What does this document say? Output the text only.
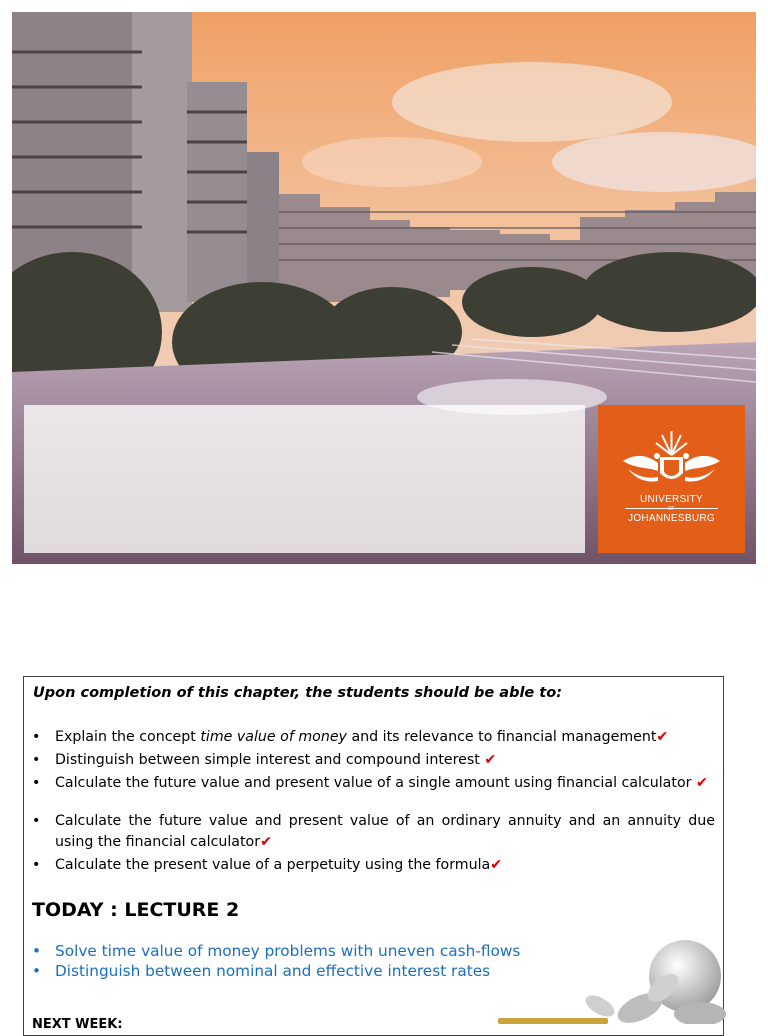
UNIVERSITY
OF
JOHANNESBURG
Upon completion of this chapter, the students should be able to:
• Explain the concept time value of money and its relevance to financial management✔
• Distinguish between simple interest and compound interest ✔
• Calculate the future value and present value of a single amount using financial calculator ✔
• Calculate the future value and present value of an ordinary annuity and an annuity due using the financial calculator✔
• Calculate the present value of a perpetuity using the formula✔
TODAY : LECTURE 2
• Solve time value of money problems with uneven cash-flows
• Distinguish between nominal and effective interest rates
NEXT WEEK:
